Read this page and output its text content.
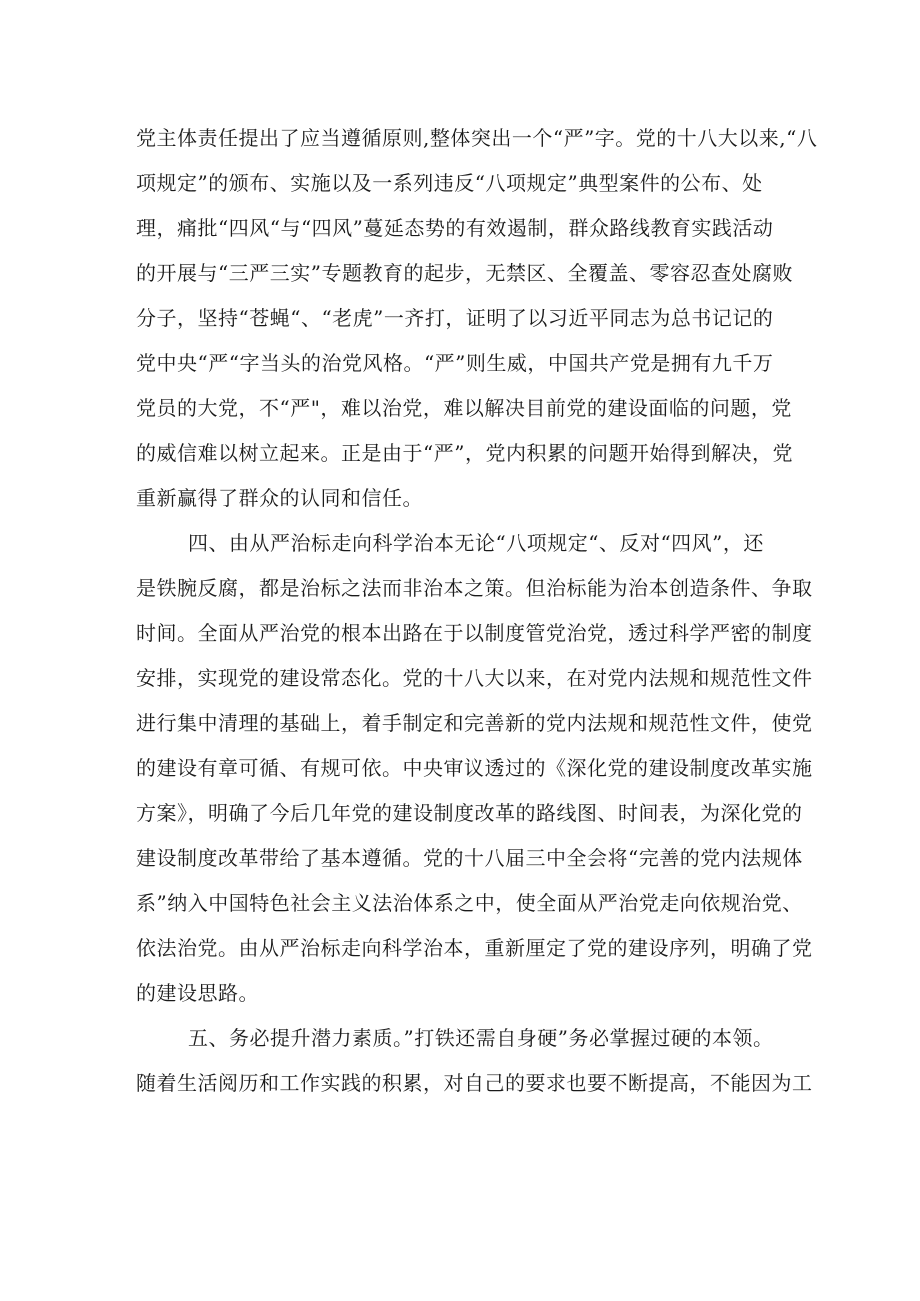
党主体责任提出了应当遵循原则,整体突出一个“严”字。党的十八大以来,“八
项规定”的颁布、实施以及一系列违反“八项规定”典型案件的公布、处
理，痛批“四风“与“四风”蔓延态势的有效遏制，群众路线教育实践活动
的开展与“三严三实”专题教育的起步，无禁区、全覆盖、零容忍查处腐败
分子，坚持“苍蝇“、“老虎”一齐打，证明了以习近平同志为总书记记的
党中央“严“字当头的治党风格。“严”则生威，中国共产党是拥有九千万
党员的大党，不“严"，难以治党，难以解决目前党的建设面临的问题，党
的威信难以树立起来。正是由于“严”，党内积累的问题开始得到解决，党
重新赢得了群众的认同和信任。
四、由从严治标走向科学治本无论“八项规定“、反对“四风”，还
是铁腕反腐，都是治标之法而非治本之策。但治标能为治本创造条件、争取
时间。全面从严治党的根本出路在于以制度管党治党，透过科学严密的制度
安排，实现党的建设常态化。党的十八大以来，在对党内法规和规范性文件
进行集中清理的基础上，着手制定和完善新的党内法规和规范性文件，使党
的建设有章可循、有规可依。中央审议透过的《深化党的建设制度改革实施
方案》，明确了今后几年党的建设制度改革的路线图、时间表，为深化党的
建设制度改革带给了基本遵循。党的十八届三中全会将“完善的党内法规体
系”纳入中国特色社会主义法治体系之中，使全面从严治党走向依规治党、
依法治党。由从严治标走向科学治本，重新厘定了党的建设序列，明确了党
的建设思路。
五、务必提升潜力素质。”打铁还需自身硬”务必掌握过硬的本领。
随着生活阅历和工作实践的积累，对自己的要求也要不断提高，不能因为工
